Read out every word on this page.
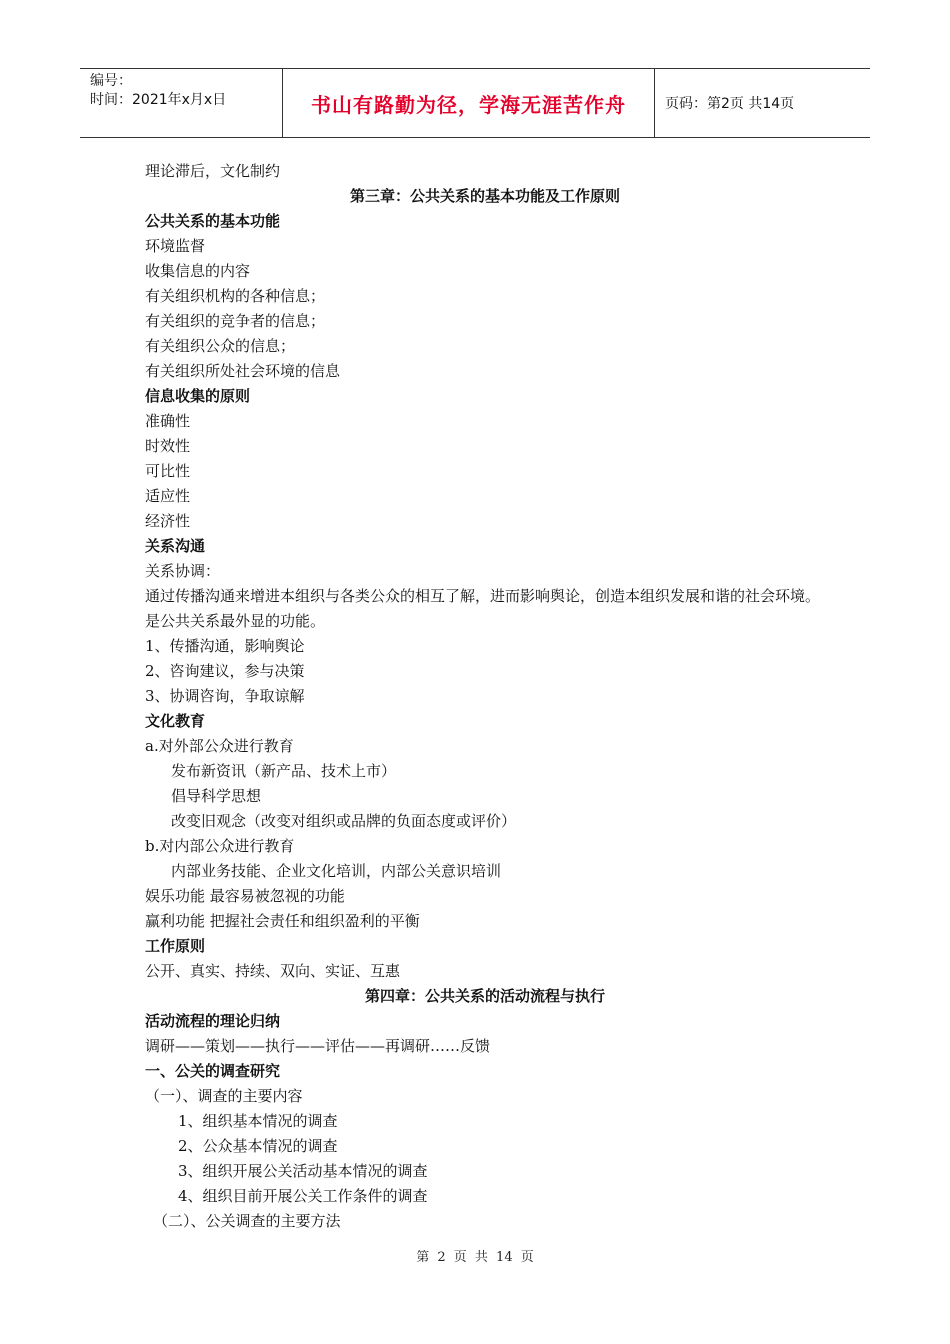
编号：
时间：2021年x月x日	书山有路勤为径，学海无涯苦作舟	页码：第2页 共14页
理论滞后，文化制约
第三章：公共关系的基本功能及工作原则
公共关系的基本功能
环境监督
收集信息的内容
有关组织机构的各种信息；
有关组织的竞争者的信息；
有关组织公众的信息；
有关组织所处社会环境的信息
信息收集的原则
准确性
时效性
可比性
适应性
经济性
关系沟通
关系协调：
通过传播沟通来增进本组织与各类公众的相互了解，进而影响舆论，创造本组织发展和谐的社会环境。是公共关系最外显的功能。
1、传播沟通，影响舆论
2、咨询建议，参与决策
3、协调咨询，争取谅解
文化教育
a.对外部公众进行教育
发布新资讯（新产品、技术上市）
倡导科学思想
改变旧观念（改变对组织或品牌的负面态度或评价）
b.对内部公众进行教育
内部业务技能、企业文化培训，内部公关意识培训
娱乐功能 最容易被忽视的功能
赢利功能 把握社会责任和组织盈利的平衡
工作原则
公开、真实、持续、双向、实证、互惠
第四章：公共关系的活动流程与执行
活动流程的理论归纳
调研——策划——执行——评估——再调研……反馈
一、公关的调查研究
（一）、调查的主要内容
1、组织基本情况的调查
2、公众基本情况的调查
3、组织开展公关活动基本情况的调查
4、组织目前开展公关工作条件的调查
（二）、公关调查的主要方法
第 2 页 共 14 页
